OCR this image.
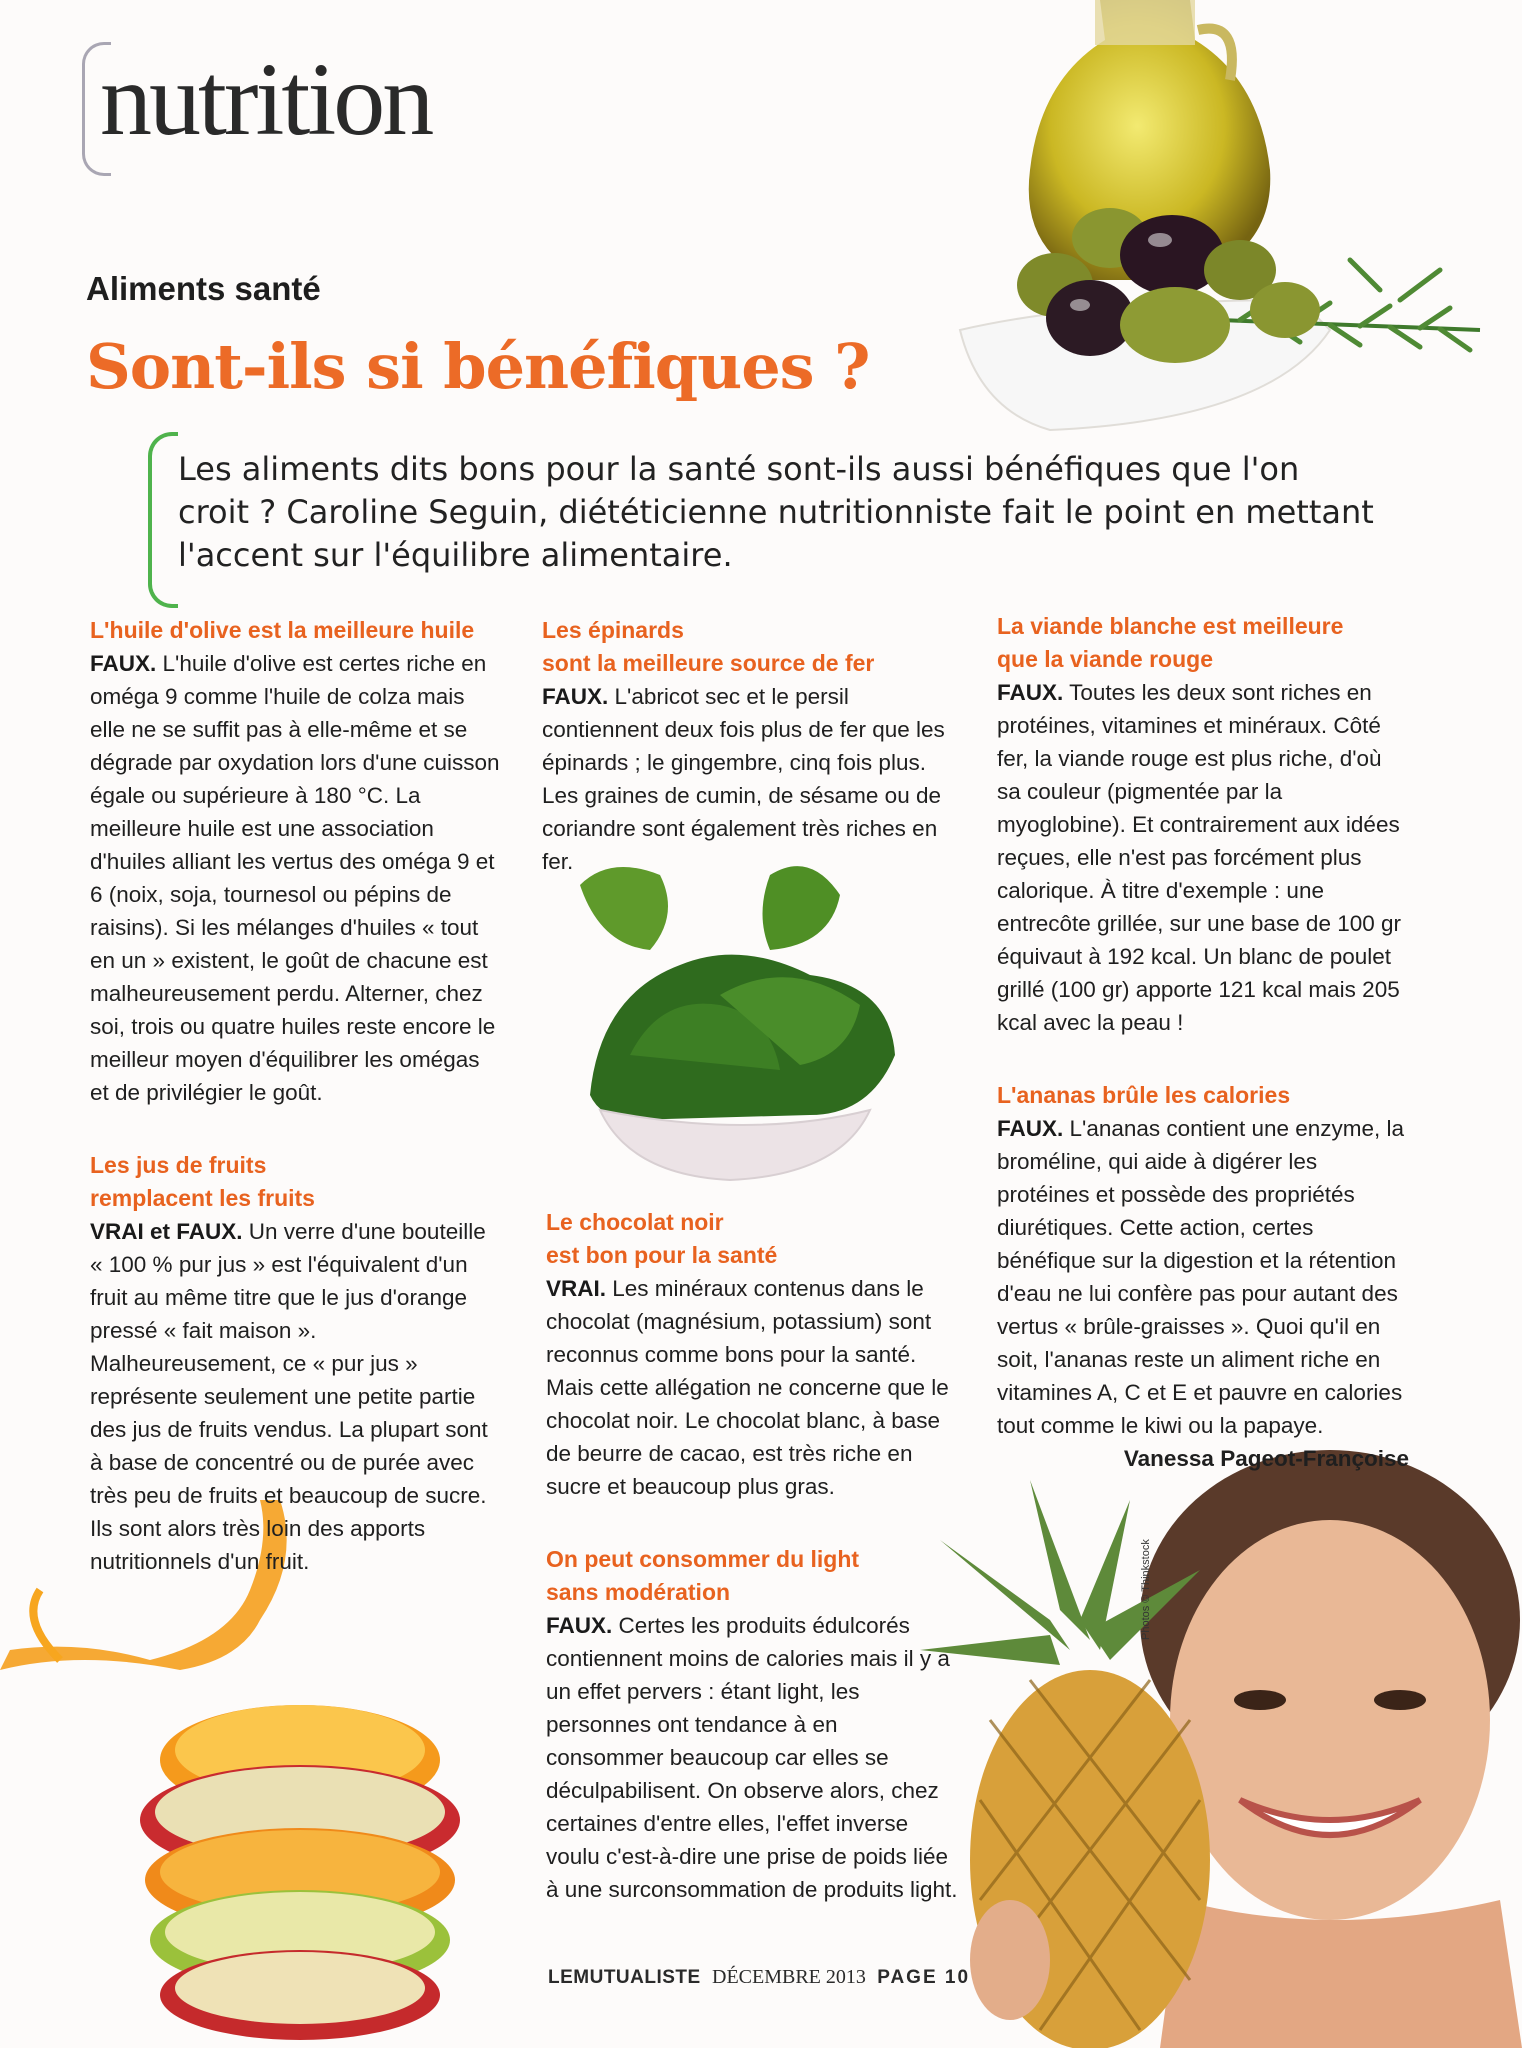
nutrition
Aliments santé
Sont-ils si bénéfiques ?
Les aliments dits bons pour la santé sont-ils aussi bénéfiques que l'on croit ? Caroline Seguin, diététicienne nutritionniste fait le point en mettant l'accent sur l'équilibre alimentaire.
L'huile d'olive est la meilleure huile

FAUX. L'huile d'olive est certes riche en oméga 9 comme l'huile de colza mais elle ne se suffit pas à elle-même et se dégrade par oxydation lors d'une cuisson égale ou supérieure à 180 °C. La meilleure huile est une association d'huiles alliant les vertus des oméga 9 et 6 (noix, soja, tournesol ou pépins de raisins). Si les mélanges d'huiles « tout en un » existent, le goût de chacune est malheureusement perdu. Alterner, chez soi, trois ou quatre huiles reste encore le meilleur moyen d'équilibrer les omégas et de privilégier le goût.

Les jus de fruits
remplacent les fruits

VRAI et FAUX. Un verre d'une bouteille « 100 % pur jus » est l'équivalent d'un fruit au même titre que le jus d'orange pressé « fait maison ». Malheureusement, ce « pur jus » représente seulement une petite partie des jus de fruits vendus. La plupart sont à base de concentré ou de purée avec très peu de fruits et beaucoup de sucre. Ils sont alors très loin des apports nutritionnels d'un fruit.

Les épinards
sont la meilleure source de fer

FAUX. L'abricot sec et le persil contiennent deux fois plus de fer que les épinards ; le gingembre, cinq fois plus. Les graines de cumin, de sésame ou de coriandre sont également très riches en fer.

Le chocolat noir
est bon pour la santé

VRAI. Les minéraux contenus dans le chocolat (magnésium, potassium) sont reconnus comme bons pour la santé. Mais cette allégation ne concerne que le chocolat noir. Le chocolat blanc, à base de beurre de cacao, est très riche en sucre et beaucoup plus gras.

On peut consommer du light
sans modération

FAUX. Certes les produits édulcorés contiennent moins de calories mais il y a un effet pervers : étant light, les personnes ont tendance à en consommer beaucoup car elles se déculpabilisent. On observe alors, chez certaines d'entre elles, l'effet inverse voulu c'est-à-dire une prise de poids liée à une surconsommation de produits light.

La viande blanche est meilleure
que la viande rouge

FAUX. Toutes les deux sont riches en protéines, vitamines et minéraux. Côté fer, la viande rouge est plus riche, d'où sa couleur (pigmentée par la myoglobine). Et contrairement aux idées reçues, elle n'est pas forcément plus calorique. À titre d'exemple : une entrecôte grillée, sur une base de 100 gr équivaut à 192 kcal. Un blanc de poulet grillé (100 gr) apporte 121 kcal mais 205 kcal avec la peau !

L'ananas brûle les calories

FAUX. L'ananas contient une enzyme, la broméline, qui aide à digérer les protéines et possède des propriétés diurétiques. Cette action, certes bénéfique sur la digestion et la rétention d'eau ne lui confère pas pour autant des vertus « brûle-graisses ». Quoi qu'il en soit, l'ananas reste un aliment riche en vitamines A, C et E et pauvre en calories tout comme le kiwi ou la papaye.

Vanessa Pageot-Françoise

Photos © Thinkstock
LEMUTUALISTE DÉCEMBRE 2013 PAGE 10
